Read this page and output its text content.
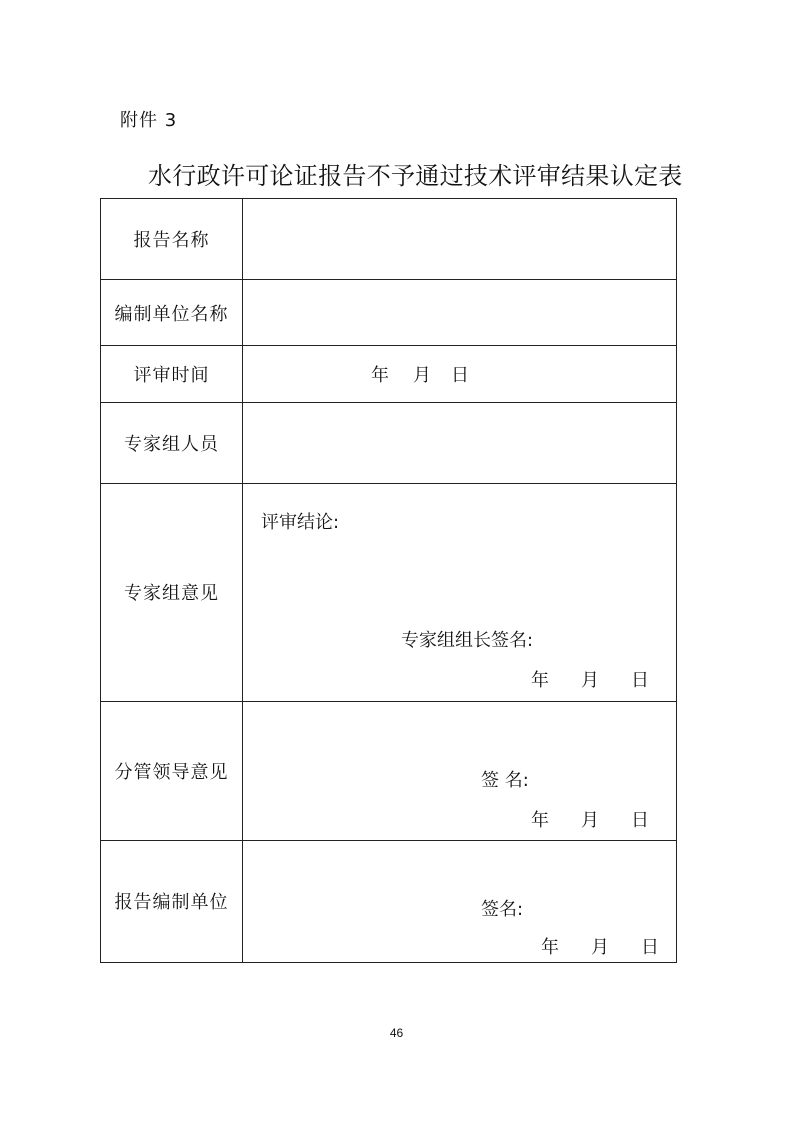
附件 3
水行政许可论证报告不予通过技术评审结果认定表
报告名称	
编制单位名称	
评审时间	年 月 日

专家组人员	
专家组意见	评审结论:
专家组组长签名:
年 月 日

分管领导意见	签 名:
年 月 日

报告编制单位	签名:
年 月 日
46
